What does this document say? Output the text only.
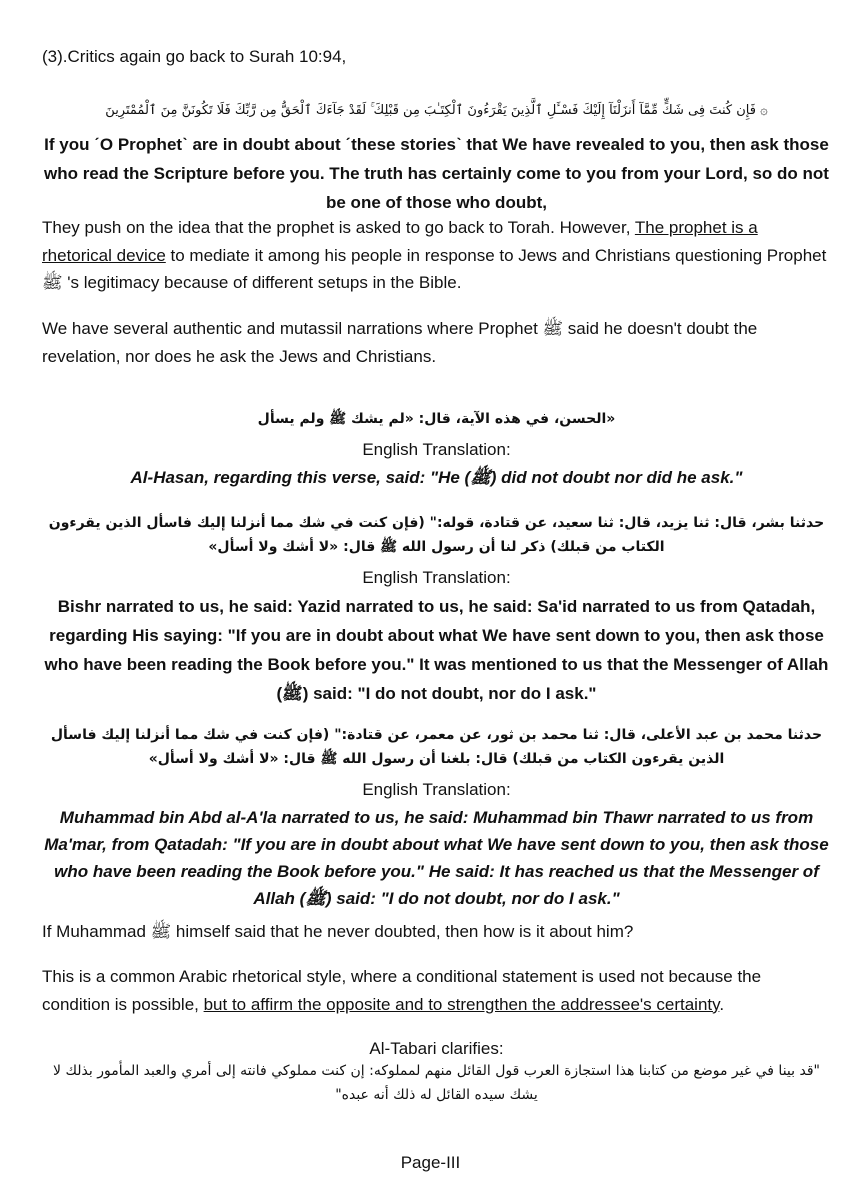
(3).Critics again go back to Surah 10:94,

۞ فَإِن كُنتَ فِى شَكٍّ مِّمَّآ أَنزَلْنَآ إِلَيْكَ فَسْـَٔلِ ٱلَّذِينَ يَقْرَءُونَ ٱلْكِتَـٰبَ مِن قَبْلِكَ ۚ لَقَدْ جَآءَكَ ٱلْحَقُّ مِن رَّبِّكَ فَلَا تَكُونَنَّ مِنَ ٱلْمُمْتَرِينَ

If you ˊO Prophetˋ are in doubt about ˊthese storiesˋ that We have revealed to you, then ask those who read the Scripture before you. The truth has certainly come to you from your Lord, so do not be one of those who doubt,

They push on the idea that the prophet is asked to go back to Torah. However, The prophet is a rhetorical device to mediate it among his people in response to Jews and Christians questioning Prophet ﷺ 's legitimacy because of different setups in the Bible.

We have several authentic and mutassil narrations where Prophet ﷺ said he doesn't doubt the revelation, nor does he ask the Jews and Christians.

«الحسن، في هذه الآية، قال: «لم يشك ﷺ ولم يسأل

English Translation:

Al-Hasan, regarding this verse, said: "He (ﷺ) did not doubt nor did he ask."

حدثنا بشر، قال: ثنا يزيد، قال: ثنا سعيد، عن قتادة، قوله:" (فإن كنت في شك مما أنزلنا إليك فاسأل الذين يقرءون الكتاب من قبلك) ذكر لنا أن رسول الله ﷺ قال: «لا أشك ولا أسأل»

English Translation:

Bishr narrated to us, he said: Yazid narrated to us, he said: Sa'id narrated to us from Qatadah, regarding His saying: "If you are in doubt about what We have sent down to you, then ask those who have been reading the Book before you." It was mentioned to us that the Messenger of Allah (ﷺ) said: "I do not doubt, nor do I ask."

حدثنا محمد بن عبد الأعلى، قال: ثنا محمد بن ثور، عن معمر، عن قتادة:" (فإن كنت في شك مما أنزلنا إليك فاسأل الذين يقرءون الكتاب من قبلك) قال: بلغنا أن رسول الله ﷺ قال: «لا أشك ولا أسأل»

English Translation:

Muhammad bin Abd al-A'la narrated to us, he said: Muhammad bin Thawr narrated to us from Ma'mar, from Qatadah: "If you are in doubt about what We have sent down to you, then ask those who have been reading the Book before you." He said: It has reached us that the Messenger of Allah (ﷺ) said: "I do not doubt, nor do I ask."

If Muhammad ﷺ himself said that he never doubted, then how is it about him?

This is a common Arabic rhetorical style, where a conditional statement is used not because the condition is possible, but to affirm the opposite and to strengthen the addressee's certainty.

Al-Tabari clarifies:

"قد بينا في غير موضع من كتابنا هذا استجازة العرب قول القائل منهم لمملوكه: إن كنت مملوكي فانته إلى أمري والعبد المأمور بذلك لا يشك سيده القائل له ذلك أنه عبده"

Page-III
